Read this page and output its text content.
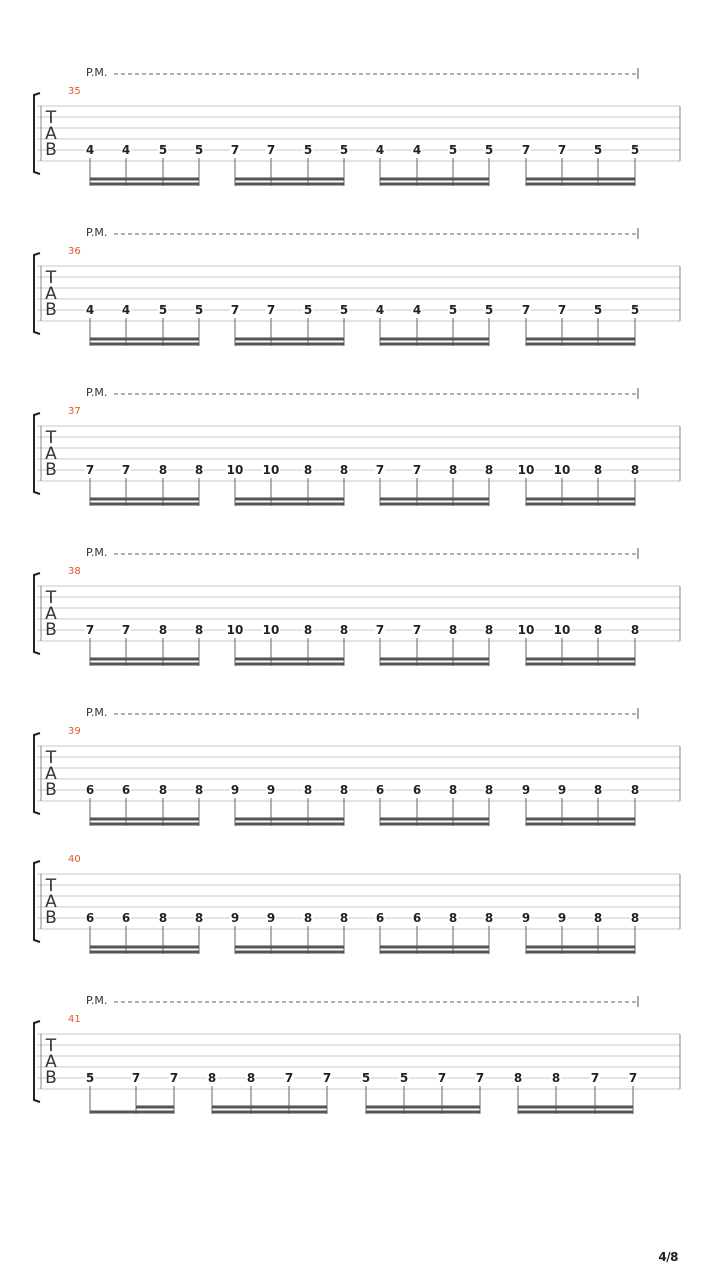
P.M.
35
T
A
B 4 4 5 5 7 7 5 5 4 4 5 5 7 7 5 5
P.M.
36
T
A
B 4 4 5 5 7 7 5 5 4 4 5 5 7 7 5 5
P.M.
37
T
A
B 7 7 8 8 10 10 8 8 7 7 8 8 10 10 8 8
P.M.
38
T
A
B 7 7 8 8 10 10 8 8 7 7 8 8 10 10 8 8
P.M.
39
T
A
B 6 6 8 8 9 9 8 8 6 6 8 8 9 9 8 8
40
T
A
B 6 6 8 8 9 9 8 8 6 6 8 8 9 9 8 8
P.M.
41
T
A
B 5	7 7 8	8 7 7	5 5 7 7 8 8	7 7
4/8
